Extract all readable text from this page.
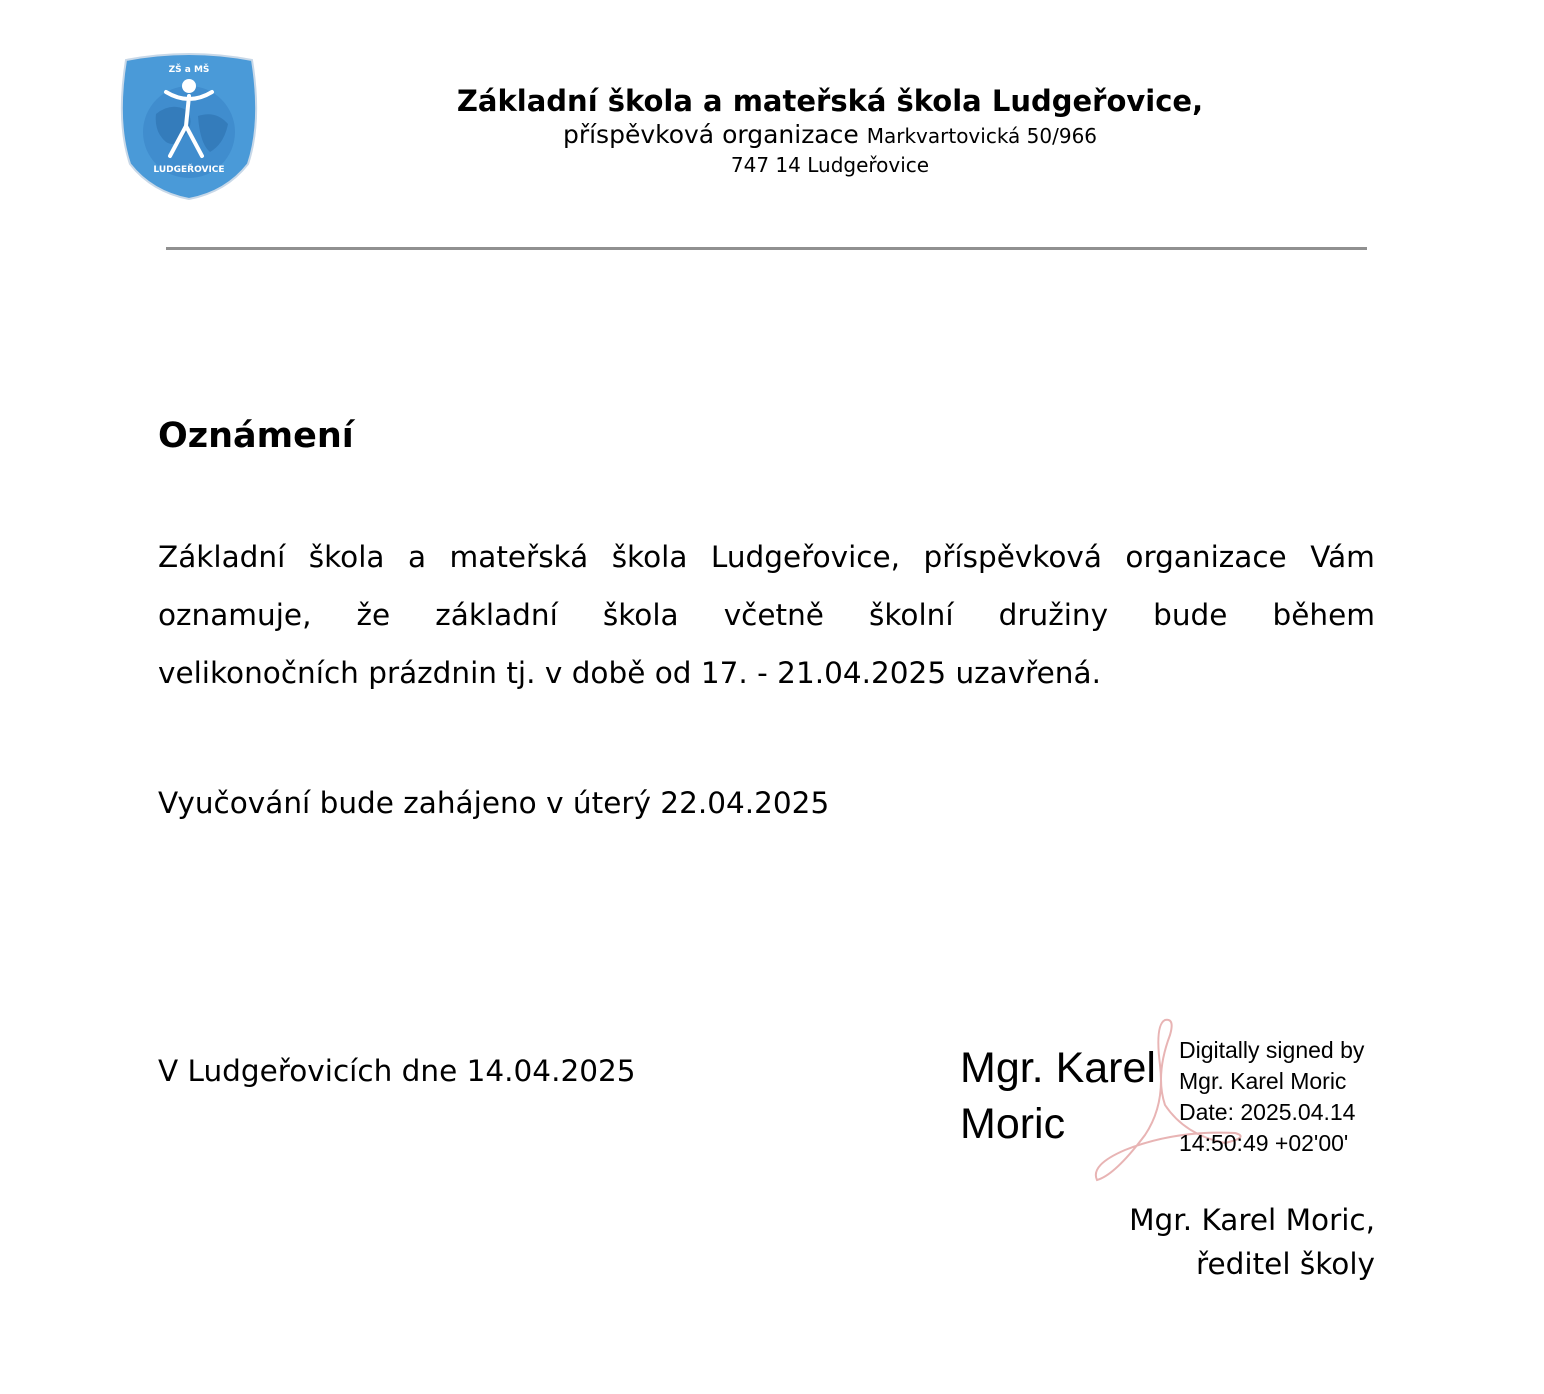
ZŠ a MŠ
LUDGEŘOVICE
Základní škola a mateřská škola Ludgeřovice,
příspěvková organizace Markvartovická 50/966
747 14 Ludgeřovice
Oznámení
Základní škola a mateřská škola Ludgeřovice, příspěvková organizace Vám
oznamuje, že základní škola včetně školní družiny bude během
velikonočních prázdnin tj. v době od 17. - 21.04.2025 uzavřená.
Vyučování bude zahájeno v úterý 22.04.2025
V Ludgeřovicích dne 14.04.2025	Mgr. Karel
Moric
Digitally signed by
Mgr. Karel Moric
Date: 2025.04.14
14:50:49 +02'00'
Mgr. Karel Moric,
ředitel školy
